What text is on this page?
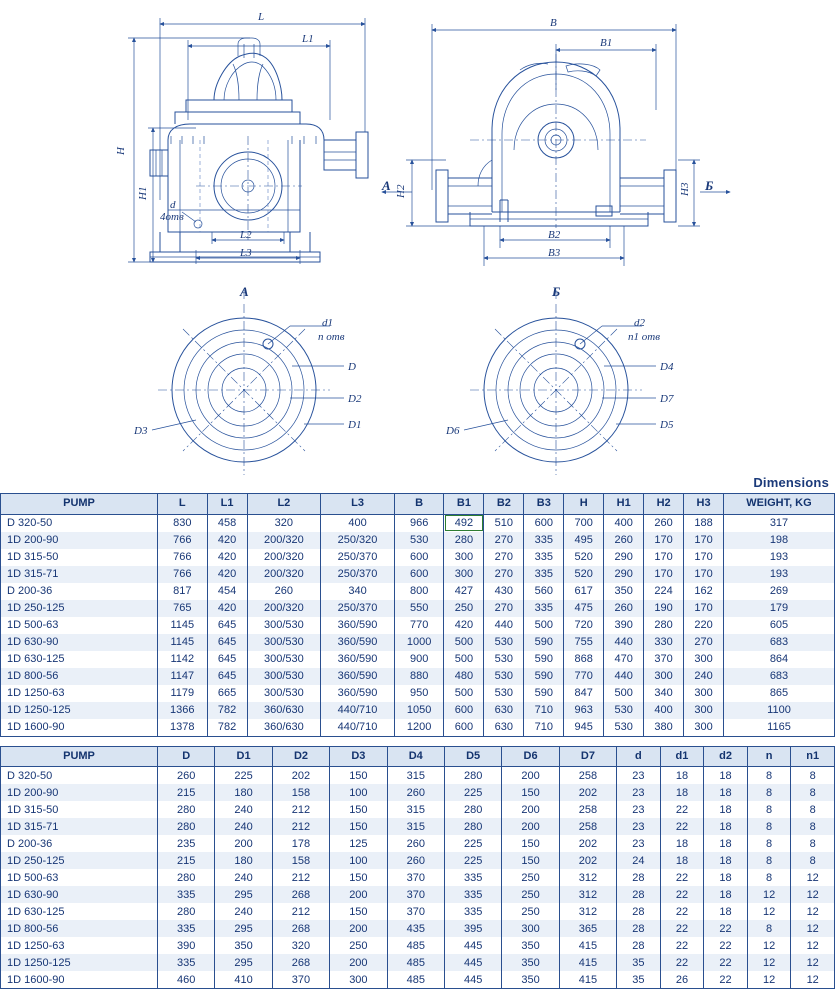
L
L1
H
H1
d
4отв
L2
L3
B
B1
H2	H3
B2
B3
А	Б
А
d1
n отв
D
D2
D1
D3
Б
d2
n1 отв
D4
D7
D5
D6
Dimensions
PUMP	L	L1	L2	L3	B	B1	B2	B3	H	H1	H2	H3	WEIGHT, KG
D 320-50	830	458	320	400	966	492	510	600	700	400	260	188	317
1D 200-90	766	420	200/320	250/320	530	280	270	335	495	260	170	170	198
1D 315-50	766	420	200/320	250/370	600	300	270	335	520	290	170	170	193
1D 315-71	766	420	200/320	250/370	600	300	270	335	520	290	170	170	193
D 200-36	817	454	260	340	800	427	430	560	617	350	224	162	269
1D 250-125	765	420	200/320	250/370	550	250	270	335	475	260	190	170	179
1D 500-63	1145	645	300/530	360/590	770	420	440	500	720	390	280	220	605
1D 630-90	1145	645	300/530	360/590	1000	500	530	590	755	440	330	270	683
1D 630-125	1142	645	300/530	360/590	900	500	530	590	868	470	370	300	864
1D 800-56	1147	645	300/530	360/590	880	480	530	590	770	440	300	240	683
1D 1250-63	1179	665	300/530	360/590	950	500	530	590	847	500	340	300	865
1D 1250-125	1366	782	360/630	440/710	1050	600	630	710	963	530	400	300	1100
1D 1600-90	1378	782	360/630	440/710	1200	600	630	710	945	530	380	300	1165
PUMP	D	D1	D2	D3	D4	D5	D6	D7	d	d1	d2	n	n1
D 320-50	260	225	202	150	315	280	200	258	23	18	18	8	8
1D 200-90	215	180	158	100	260	225	150	202	23	18	18	8	8
1D 315-50	280	240	212	150	315	280	200	258	23	22	18	8	8
1D 315-71	280	240	212	150	315	280	200	258	23	22	18	8	8
D 200-36	235	200	178	125	260	225	150	202	23	18	18	8	8
1D 250-125	215	180	158	100	260	225	150	202	24	18	18	8	8
1D 500-63	280	240	212	150	370	335	250	312	28	22	18	8	12
1D 630-90	335	295	268	200	370	335	250	312	28	22	18	12	12
1D 630-125	280	240	212	150	370	335	250	312	28	22	18	12	12
1D 800-56	335	295	268	200	435	395	300	365	28	22	22	8	12
1D 1250-63	390	350	320	250	485	445	350	415	28	22	22	12	12
1D 1250-125	335	295	268	200	485	445	350	415	35	22	22	12	12
1D 1600-90	460	410	370	300	485	445	350	415	35	26	22	12	12
